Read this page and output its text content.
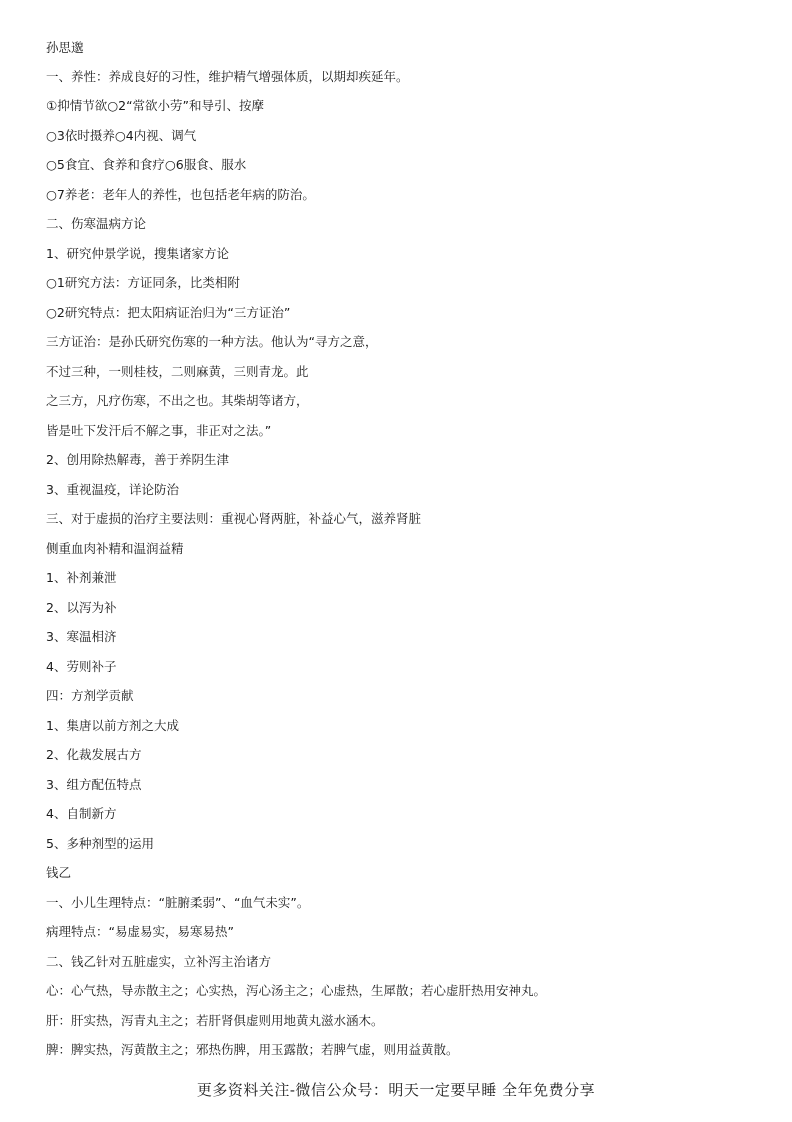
孙思邈

一、养性：养成良好的习性，维护精气增强体质，以期却疾延年。

①抑情节欲○2“常欲小劳”和导引、按摩

○3依时摄养○4内视、调气

○5食宜、食养和食疗○6服食、服水

○7养老：老年人的养性，也包括老年病的防治。

二、伤寒温病方论

1、研究仲景学说，搜集诸家方论

○1研究方法：方证同条，比类相附

○2研究特点：把太阳病证治归为“三方证治”

三方证治：是孙氏研究伤寒的一种方法。他认为“寻方之意，

不过三种，一则桂枝，二则麻黄，三则青龙。此

之三方，凡疗伤寒，不出之也。其柴胡等诸方，

皆是吐下发汗后不解之事，非正对之法。”

2、创用除热解毒，善于养阴生津

3、重视温疫，详论防治

三、对于虚损的治疗主要法则：重视心肾两脏，补益心气，滋养肾脏

侧重血肉补精和温润益精

1、补剂兼泄

2、以泻为补

3、寒温相济

4、劳则补子

四：方剂学贡献

1、集唐以前方剂之大成

2、化裁发展古方

3、组方配伍特点

4、自制新方

5、多种剂型的运用

钱乙

一、小儿生理特点：“脏腑柔弱”、“血气未实”。

病理特点：“易虚易实，易寒易热”

二、钱乙针对五脏虚实，立补泻主治诸方

心：心气热，导赤散主之；心实热，泻心汤主之；心虚热，生犀散；若心虚肝热用安神丸。

肝：肝实热，泻青丸主之；若肝肾俱虚则用地黄丸滋水涵木。

脾：脾实热，泻黄散主之；邪热伤脾，用玉露散；若脾气虚，则用益黄散。

更多资料关注-微信公众号：明天一定要早睡 全年免费分享
